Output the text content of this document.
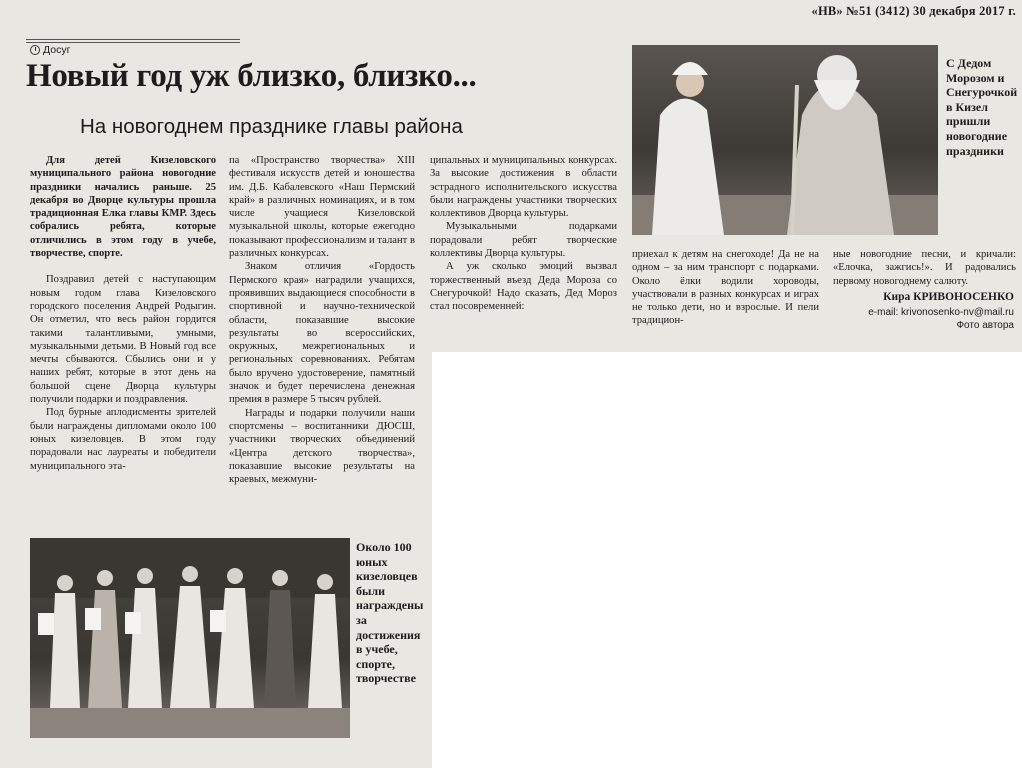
«НВ» №51 (3412) 30 декабря 2017 г.
Досуг
Новый год уж близко, близко...
На новогоднем празднике главы района

Для детей Кизеловского муниципального района новогодние праздники начались раньше. 25 декабря во Дворце культуры прошла традиционная Елка главы КМР. Здесь собрались ребята, которые отличились в этом году в учебе, творчестве, спорте.

Поздравил детей с наступающим новым годом глава Кизеловского городского поселения Андрей Родыгин. Он отметил, что весь район гордится такими талантливыми, умными, музыкальными детьми. В Новый год все мечты сбываются. Сбылись они и у наших ребят, которые в этот день на большой сцене Дворца культуры получили подарки и поздравления.

Под бурные аплодисменты зрителей были награждены дипломами около 100 юных кизеловцев. В этом году порадовали нас лауреаты и победители муниципального эта-

па «Пространство творчества» XIII фестиваля искусств детей и юношества им. Д.Б. Кабалевского «Наш Пермский край» в различных номинациях, и в том числе учащиеся Кизеловской музыкальной школы, которые ежегодно показывают профессионализм и талант в различных конкурсах.

Знаком отличия «Гордость Пермского края» наградили учащихся, проявивших выдающиеся способности в спортивной и научно-технической области, показавшие высокие результаты во всероссийских, окружных, межрегиональных и региональных соревнованиях. Ребятам было вручено удостоверение, памятный значок и будет перечислена денежная премия в размере 5 тысяч рублей.

Награды и подарки получили наши спортсмены – воспитанники ДЮСШ, участники творческих объединений «Центра детского творчества», показавшие высокие результаты на краевых, межмуни-

ципальных и муниципальных конкурсах. За высокие достижения в области эстрадного исполнительского искусства были награждены участники творческих коллективов Дворца культуры.

Музыкальными подарками порадовали ребят творческие коллективы Дворца культуры.

А уж сколько эмоций вызвал торжественный въезд Деда Мороза со Снегурочкой! Надо сказать, Дед Мороз стал посовременней:

С Дедом Морозом и Снегурочкой в Кизел пришли новогодние праздники

приехал к детям на снегоходе! Да не на одном – за ним транспорт с подарками. Около ёлки водили хороводы, участвовали в разных конкурсах и играх не только дети, но и взрослые. И пели традицион-

ные новогодние песни, и кричали: «Елочка, зажгись!». И радовались первому новогоднему салюту.

Кира КРИВОНОСЕНКО
e-mail: krivonosenko-nv@mail.ru
Фото автора

Около 100 юных кизеловцев были награждены за достижения в учебе, спорте, творчестве
